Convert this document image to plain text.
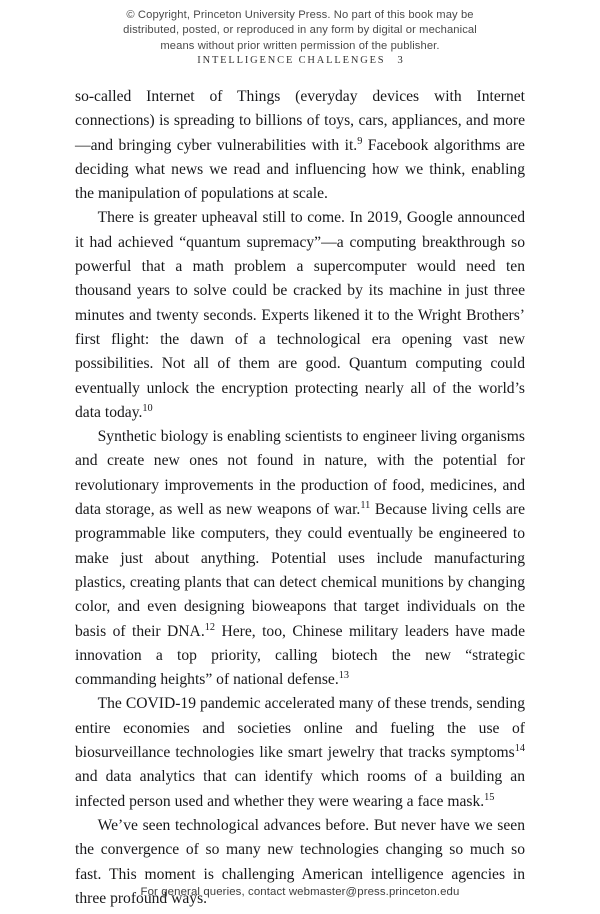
© Copyright, Princeton University Press. No part of this book may be
distributed, posted, or reproduced in any form by digital or mechanical
means without prior written permission of the publisher.
INTELLIGENCE CHALLENGES 3

so-called Internet of Things (everyday devices with Internet connections) is spreading to billions of toys, cars, appliances, and more—and bringing cyber vulnerabilities with it.$^9$ Facebook algorithms are deciding what news we read and influencing how we think, enabling the manipulation of populations at scale.

There is greater upheaval still to come. In 2019, Google announced it had achieved “quantum supremacy”—a computing breakthrough so powerful that a math problem a supercomputer would need ten thousand years to solve could be cracked by its machine in just three minutes and twenty seconds. Experts likened it to the Wright Brothers’ first flight: the dawn of a technological era opening vast new possibilities. Not all of them are good. Quantum computing could eventually unlock the encryption protecting nearly all of the world’s data today.$^{10}$

Synthetic biology is enabling scientists to engineer living organisms and create new ones not found in nature, with the potential for revolutionary improvements in the production of food, medicines, and data storage, as well as new weapons of war.$^{11}$ Because living cells are programmable like computers, they could eventually be engineered to make just about anything. Potential uses include manufacturing plastics, creating plants that can detect chemical munitions by changing color, and even designing bioweapons that target individuals on the basis of their DNA.$^{12}$ Here, too, Chinese military leaders have made innovation a top priority, calling biotech the new “strategic commanding heights” of national defense.$^{13}$

The COVID-19 pandemic accelerated many of these trends, sending entire economies and societies online and fueling the use of biosurveillance technologies like smart jewelry that tracks symptoms$^{14}$ and data analytics that can identify which rooms of a building an infected person used and whether they were wearing a face mask.$^{15}$

We’ve seen technological advances before. But never have we seen the convergence of so many new technologies changing so much so fast. This moment is challenging American intelligence agencies in three profound ways.

For general queries, contact webmaster@press.princeton.edu
